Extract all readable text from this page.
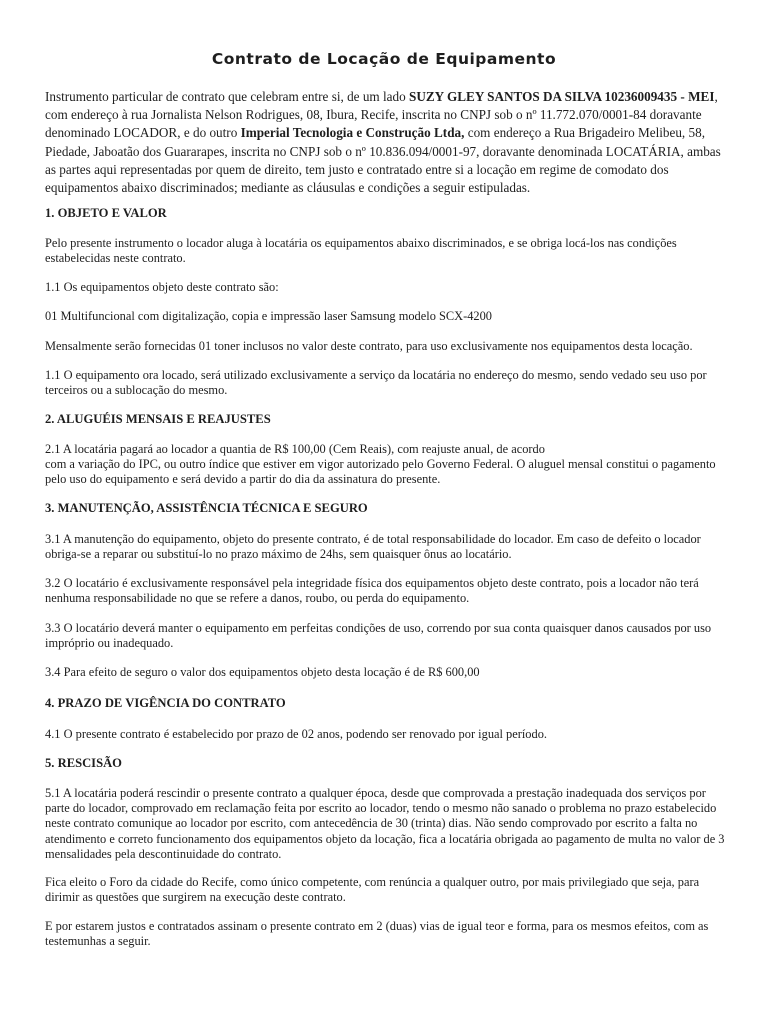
Contrato de Locação de Equipamento

Instrumento particular de contrato que celebram entre si, de um lado SUZY GLEY SANTOS DA SILVA 10236009435 - MEI, com endereço à rua Jornalista Nelson Rodrigues, 08, Ibura, Recife, inscrita no CNPJ sob o nº 11.772.070/0001-84 doravante denominado LOCADOR, e do outro Imperial Tecnologia e Construção Ltda, com endereço a Rua Brigadeiro Melibeu, 58, Piedade, Jaboatão dos Guararapes, inscrita no CNPJ sob o nº 10.836.094/0001-97, doravante denominada LOCATÁRIA, ambas as partes aqui representadas por quem de direito, tem justo e contratado entre si a locação em regime de comodato dos equipamentos abaixo discriminados; mediante as cláusulas e condições a seguir estipuladas.

1. OBJETO E VALOR

Pelo presente instrumento o locador aluga à locatária os equipamentos abaixo discriminados, e se obriga locá-los nas condições estabelecidas neste contrato.

1.1 Os equipamentos objeto deste contrato são:

01 Multifuncional com digitalização, copia e impressão laser Samsung modelo SCX-4200

Mensalmente serão fornecidas 01 toner inclusos no valor deste contrato, para uso exclusivamente nos equipamentos desta locação.

1.1 O equipamento ora locado, será utilizado exclusivamente a serviço da locatária no endereço do mesmo, sendo vedado seu uso por terceiros ou a sublocação do mesmo.

2. ALUGUÉIS MENSAIS E REAJUSTES

2.1 A locatária pagará ao locador a quantia de R$ 100,00 (Cem Reais), com reajuste anual, de acordo
com a variação do IPC, ou outro índice que estiver em vigor autorizado pelo Governo Federal. O aluguel mensal constitui o pagamento pelo uso do equipamento e será devido a partir do dia da assinatura do presente.

3. MANUTENÇÃO, ASSISTÊNCIA TÉCNICA E SEGURO

3.1 A manutenção do equipamento, objeto do presente contrato, é de total responsabilidade do locador. Em caso de defeito o locador obriga-se a reparar ou substituí-lo no prazo máximo de 24hs, sem quaisquer ônus ao locatário.

3.2 O locatário é exclusivamente responsável pela integridade física dos equipamentos objeto deste contrato, pois a locador não terá nenhuma responsabilidade no que se refere a danos, roubo, ou perda do equipamento.

3.3 O locatário deverá manter o equipamento em perfeitas condições de uso, correndo por sua conta quaisquer danos causados por uso impróprio ou inadequado.

3.4 Para efeito de seguro o valor dos equipamentos objeto desta locação é de R$ 600,00

4. PRAZO DE VIGÊNCIA DO CONTRATO

4.1 O presente contrato é estabelecido por prazo de 02 anos, podendo ser renovado por igual período.

5. RESCISÃO

5.1 A locatária poderá rescindir o presente contrato a qualquer época, desde que comprovada a prestação inadequada dos serviços por parte do locador, comprovado em reclamação feita por escrito ao locador, tendo o mesmo não sanado o problema no prazo estabelecido neste contrato comunique ao locador por escrito, com antecedência de 30 (trinta) dias. Não sendo comprovado por escrito a falta no atendimento e correto funcionamento dos equipamentos objeto da locação, fica a locatária obrigada ao pagamento de multa no valor de 3 mensalidades pela descontinuidade do contrato.

Fica eleito o Foro da cidade do Recife, como único competente, com renúncia a qualquer outro, por mais privilegiado que seja, para dirimir as questões que surgirem na execução deste contrato.

E por estarem justos e contratados assinam o presente contrato em 2 (duas) vias de igual teor e forma, para os mesmos efeitos, com as testemunhas a seguir.
